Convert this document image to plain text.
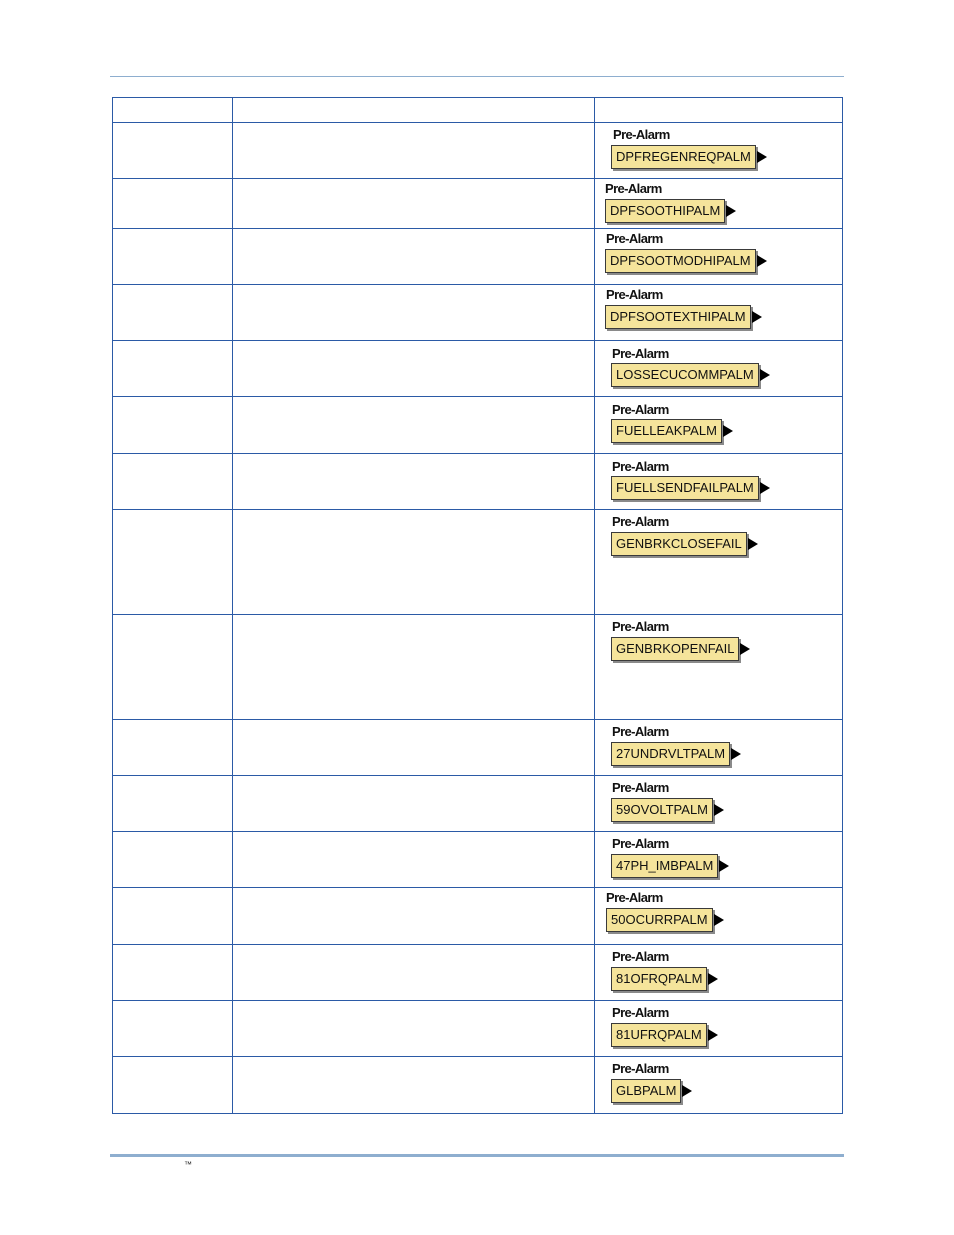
		Pre-Alarm
DPFREGENREQPALM

		Pre-Alarm
DPFSOOTHIPALM

		Pre-Alarm
DPFSOOTMODHIPALM

		Pre-Alarm
DPFSOOTEXTHIPALM

		Pre-Alarm
LOSSECUCOMMPALM

		Pre-Alarm
FUELLEAKPALM

		Pre-Alarm
FUELLSENDFAILPALM

		Pre-Alarm
GENBRKCLOSEFAIL

		Pre-Alarm
GENBRKOPENFAIL

		Pre-Alarm
27UNDRVLTPALM

		Pre-Alarm
59OVOLTPALM

		Pre-Alarm
47PH_IMBPALM

		Pre-Alarm
50OCURRPALM

		Pre-Alarm
81OFRQPALM

		Pre-Alarm
81UFRQPALM

		Pre-Alarm
GLBPALM
™
